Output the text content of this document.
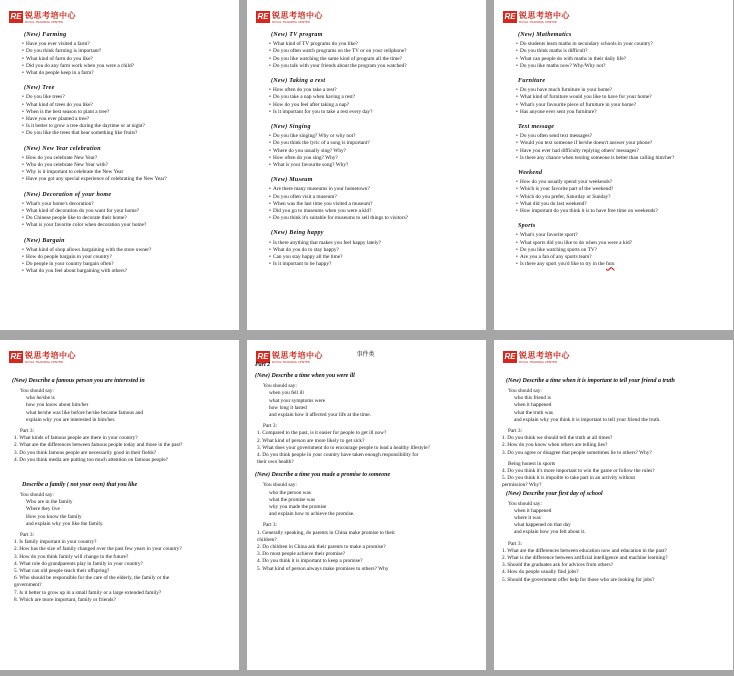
RE 锐思考培中心
ROYAL TRAINING CENTER
(New) Farming
• Have you ever visited a farm?
• Do you think farming is important?
• What kind of farm do you like?
• Did you do any farm work when you were a child?
• What do people keep in a farm?
(New) Tree
• Do you like trees?
• What kind of trees do you like?
• When is the best season to plant a tree?
• Have you ever planted a tree?
• Is it better to grow a tree during the daytime or at night?
• Do you like the trees that bear something like fruits?
(New) New Year celebration
• How do you celebrate New Year?
• Who do you celebrate New Year with?
• Why is it important to celebrate the New Year
• Have you got any special experience of celebrating the New Year?
(New) Decoration of your home
• What's your home's decoration?
• What kind of decoration do you want for your home?
• Do Chinese people like to decorate their home?
• What is your favorite color when decoration your home?
(New) Bargain
• What kind of shop allows bargaining with the store owner?
• How do people bargain in your country?
• Do people in your country bargain often?
• What do you feel about bargaining with others?
RE 锐思考培中心
ROYAL TRAINING CENTER
(New) TV program
• What kind of TV programs do you like?
• Do you often watch programs on the TV or on your cellphone?
• Do you like watching the same kind of program all the time?
• Do you talk with your friends about the program you watched?
(New) Taking a rest
• How often do you take a rest?
• Do you take a nap when having a rest?
• How do you feel after taking a nap?
• Is it important for you to take a rest every day?
(New) Singing
• Do you like singing? Why or why not?
• Do you think the lyric of a song is important?
• Where do you usually sing? Why?
• How often do you sing? Why?
• What is your favourite song? Why?
(New) Museum
• Are there many museums in your hometown?
• Do you often visit a museum?
• When was the last time you visited a museum?
• Did you go to museums when you were a kid?
• Do you think it's suitable for museums to sell things to visitors?
(New) Being happy
• Is there anything that makes you feel happy lately?
• What do you do to stay happy?
• Can you stay happy all the time?
• Is it important to be happy?
RE 锐思考培中心
ROYAL TRAINING CENTER
(New) Mathematics
• Do students learn maths in secondary schools in your country?
• Do you think maths is difficult?
• What can people do with maths in their daily life?
• Do you like maths now? Why/Why not?
Furniture
• Do you have much furniture in your home?
• What kind of furniture would you like to have for your home?
• What's your favourite piece of furniture in your home?
• Has anyone ever sent you furniture?
Text message
• Do you often send text messages?
• Would you text someone if he/she doesn't answer your phone?
• Have you ever had difficulty replying others' messages?
• Is there any chance when texting someone is better than calling him/her?
Weekend
• How do you usually spend your weekends?
• Which is your favorite part of the weekend?
• Which do you prefer, Saturday or Sunday?
• What did you do last weekend?
• How important do you think it is to have free time on weekends?
Sports
• What's your favorite sport?
• What sports did you like to do when you were a kid?
• Do you like watching sports on TV?
• Are you a fan of any sports team?
• Is there any sport you'd like to try in the futu
RE 锐思考培中心
ROYAL TRAINING CENTER
(New) Describe a famous person you are interested in
You should say:
who he/she is
how you know about him/her
what he/she was like before he/she became famous and
explain why you are interested in him/her.
Part 3:
1. What kinds of famous people are there in your country?
2. What are the differences between famous people today and those in the past?
3. Do you think famous people are necessarily good in their fields?
4. Do you think media are putting too much attention on famous people?
Describe a family ( not your own) that you like
You should say:
Who are in the family
Where they live
How you know the family
and explain why you like the family.
Part 3:
1. Is family important in your country?
2. How has the size of family changed over the past few years in your country?
3. How do you think family will change in the future?
4. What role do grandparents play in family in your country?
5. What can old people teach their offspring?
6. Who should be responsible for the care of the elderly, the family or the
government?
7. Is it better to grow up in a small family or a large extended family?
8. Which are more important, family or friends?
RE 锐思考培中心
ROYAL TRAINING CENTER
事件类
Part 2
(New) Describe a time when you were ill
You should say:
when you fell ill
what your symptoms were
how long it lasted
and explain how it affected your life at the time.
Part 3:
1. Compared to the past, is it easier for people to get ill now?
2. What kind of person are more likely to get sick?
3. What does your government do to encourage people to lead a healthy lifestyle?
4. Do you think people in your country have taken enough responsibility for
their own health?
(New) Describe a time you made a promise to someone
You should say:
who the person was
what the promise was
why you made the promise
and explain how to achieve the promise.
Part 3:
1. Generally speaking, do parents in China make promise to their
children?
2. Do children in China ask their parents to make a promise?
3. Do most people achieve their promise?
4. Do you think it is important to keep a promise?
5. What kind of person always make promises to others? Why
RE 锐思考培中心
ROYAL TRAINING CENTER
(New) Describe a time when it is important to tell your friend a truth
You should say:
who this friend is
when it happened
what the truth was
and explain why you think it is important to tell your friend the truth.
Part 3:
1. Do you think we should tell the truth at all times?
2. How do you know when others are telling lies?
3. Do you agree or disagree that people sometimes lie to others? Why?
Being honest in sports
4. Do you think it's more important to win the game or follow the rules?
5. Do you think it is impolite to take part in an activity without
permission? Why?
(New) Describe your first day of school
You should say:
when it happened
where it was
what happened on that day
and explain how you felt about it.
Part 3:
1. What are the differences between education now and education in the past?
2. What is the difference between artificial intelligence and machine learning?
3. Should the graduates ask for advices from others?
4. How do people usually find jobs?
5. Should the government offer help for those who are looking for jobs?
